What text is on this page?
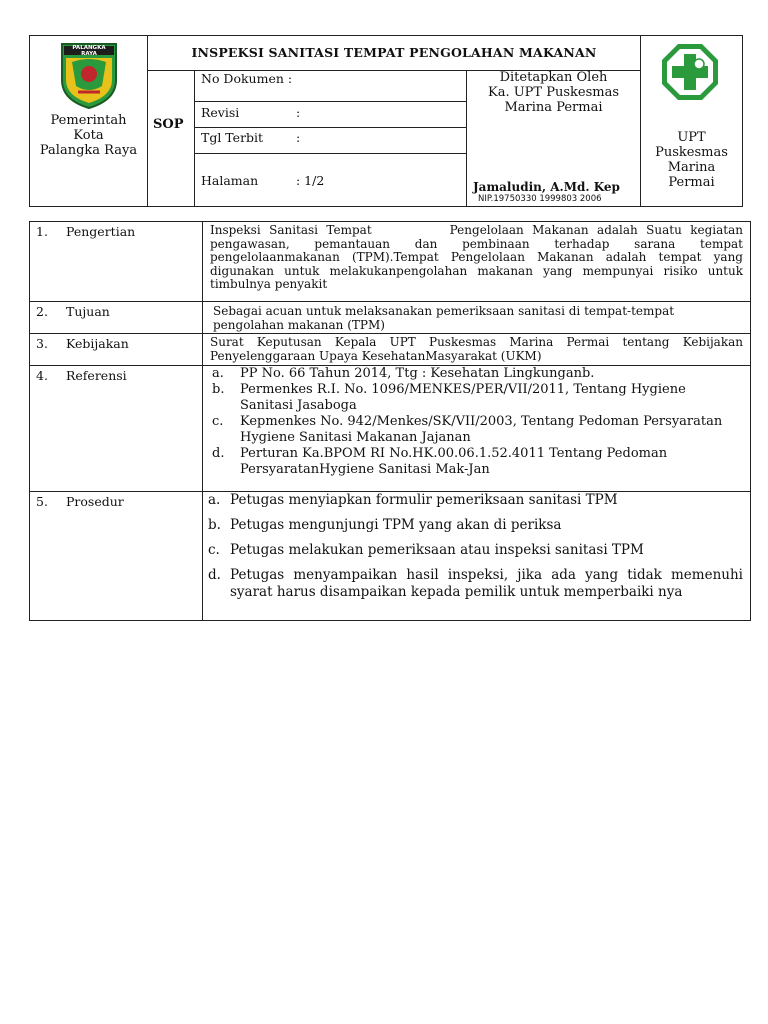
PALANGKA RAYA
Pemerintah
Kota
Palangka Raya
SOP
INSPEKSI SANITASI TEMPAT PENGOLAHAN MAKANAN
No Dokumen :
Revisi	:
Tgl Terbit	:
Halaman	: 1/2
Ditetapkan Oleh
Ka. UPT Puskesmas
Marina Permai
Jamaludin, A.Md. Kep
NIP.19750330 1999803 2006
UPT
Puskesmas
Marina
Permai
1. Pengertian	Inspeksi Sanitasi Tempat	Pengelolaan Makanan adalah Suatu kegiatan pengawasan, pemantauan dan pembinaan terhadap sarana tempat pengelolaanmakanan (TPM).Tempat Pengelolaan Makanan adalah tempat yang digunakan untuk melakukanpengolahan makanan yang mempunyai risiko untuk timbulnya penyakit
2. Tujuan	Sebagai acuan untuk melaksanakan pemeriksaan sanitasi di tempat-tempat pengolahan makanan (TPM)
3. Kebijakan	Surat Keputusan Kepala UPT Puskesmas Marina Permai tentang Kebijakan Penyelenggaraan Upaya KesehatanMasyarakat (UKM)
4. Referensi	a.	PP No. 66 Tahun 2014, Ttg : Kesehatan Lingkunganb.
b.	Permenkes R.I. No. 1096/MENKES/PER/VII/2011, Tentang Hygiene Sanitasi Jasaboga
c.	Kepmenkes No. 942/Menkes/SK/VII/2003, Tentang Pedoman Persyaratan Hygiene Sanitasi Makanan Jajanan
d.	Perturan Ka.BPOM RI No.HK.00.06.1.52.4011 Tentang Pedoman PersyaratanHygiene Sanitasi Mak-Jan
5. Prosedur	a. Petugas menyiapkan formulir pemeriksaan sanitasi TPM
b. Petugas mengunjungi TPM yang akan di periksa
c. Petugas melakukan pemeriksaan atau inspeksi sanitasi TPM
d. Petugas menyampaikan hasil inspeksi, jika ada yang tidak memenuhi syarat harus disampaikan kepada pemilik untuk memperbaiki nya
